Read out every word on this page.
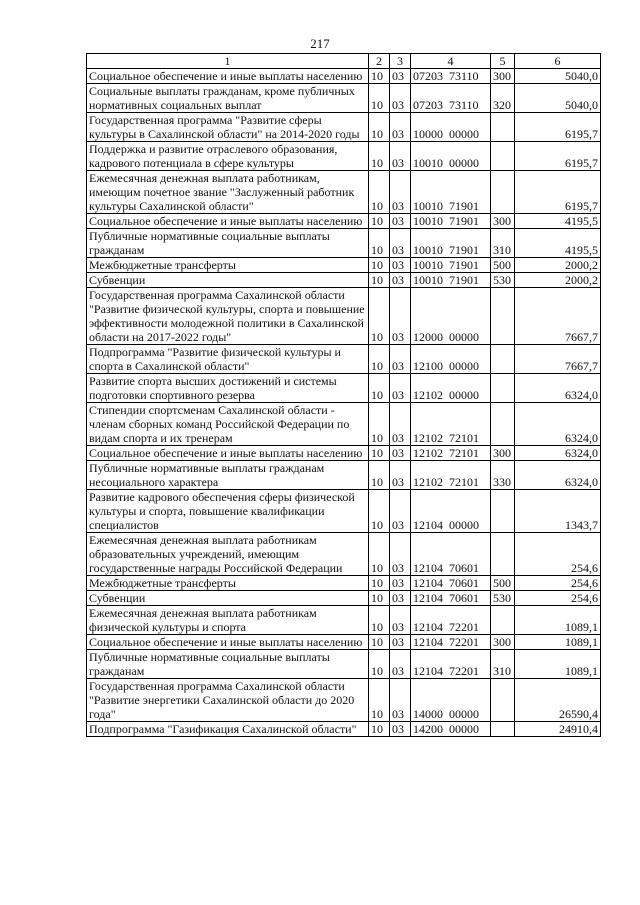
217
1	2	3	4	5	6
Социальное обеспечение и иные выплаты населению	10	03	07203  73110	300	5040,0
Социальные выплаты гражданам, кроме публичных нормативных социальных выплат	10	03	07203  73110	320	5040,0
Государственная программа "Развитие сферы культуры в Сахалинской области" на 2014-2020 годы	10	03	10000  00000		6195,7
Поддержка и развитие отраслевого образования, кадрового потенциала в сфере культуры	10	03	10010  00000		6195,7
Ежемесячная денежная выплата работникам, имеющим почетное звание "Заслуженный работник культуры Сахалинской области"	10	03	10010  71901		6195,7
Социальное обеспечение и иные выплаты населению	10	03	10010  71901	300	4195,5
Публичные нормативные социальные выплаты гражданам	10	03	10010  71901	310	4195,5
Межбюджетные трансферты	10	03	10010  71901	500	2000,2
Субвенции	10	03	10010  71901	530	2000,2
Государственная программа Сахалинской области "Развитие физической культуры, спорта и повышение эффективности молодежной политики в Сахалинской области на 2017-2022 годы"	10	03	12000  00000		7667,7
Подпрограмма "Развитие физической культуры и спорта в Сахалинской области"	10	03	12100  00000		7667,7
Развитие спорта высших достижений и системы подготовки спортивного резерва	10	03	12102  00000		6324,0
Стипендии спортсменам Сахалинской области - членам сборных команд Российской Федерации по видам спорта и их тренерам	10	03	12102  72101		6324,0
Социальное обеспечение и иные выплаты населению	10	03	12102  72101	300	6324,0
Публичные нормативные выплаты гражданам несоциального характера	10	03	12102  72101	330	6324,0
Развитие кадрового обеспечения сферы физической культуры и спорта, повышение квалификации специалистов	10	03	12104  00000		1343,7
Ежемесячная денежная выплата работникам образовательных учреждений, имеющим государственные награды Российской Федерации	10	03	12104  70601		254,6
Межбюджетные трансферты	10	03	12104  70601	500	254,6
Субвенции	10	03	12104  70601	530	254,6
Ежемесячная денежная выплата работникам физической культуры и спорта	10	03	12104  72201		1089,1
Социальное обеспечение и иные выплаты населению	10	03	12104  72201	300	1089,1
Публичные нормативные социальные выплаты гражданам	10	03	12104  72201	310	1089,1
Государственная программа Сахалинской области "Развитие энергетики Сахалинской области до 2020 года"	10	03	14000  00000		26590,4
Подпрограмма "Газификация Сахалинской области"	10	03	14200  00000		24910,4
